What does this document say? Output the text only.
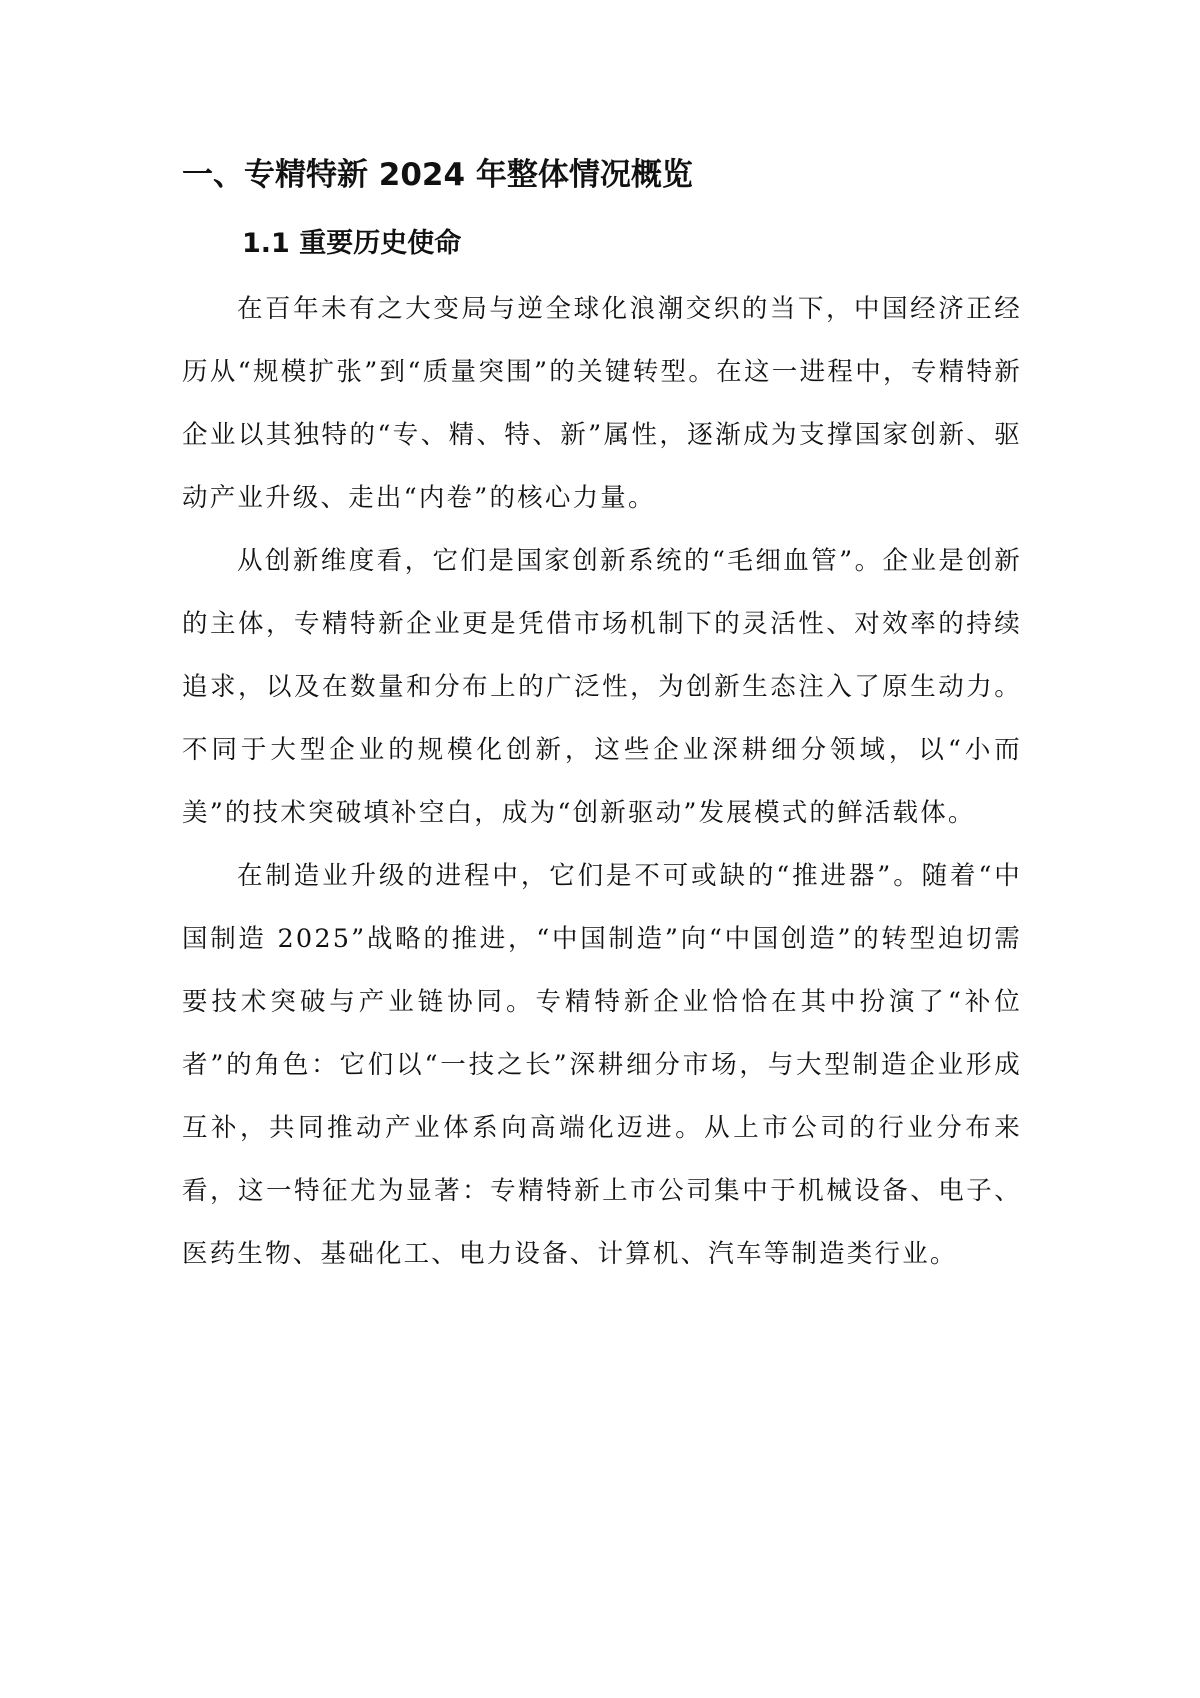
一、专精特新 2024 年整体情况概览
1.1 重要历史使命

在百年未有之大变局与逆全球化浪潮交织的当下，中国经济正经历从“规模扩张”到“质量突围”的关键转型。在这一进程中，专精特新企业以其独特的“专、精、特、新”属性，逐渐成为支撑国家创新、驱动产业升级、走出“内卷”的核心力量。

从创新维度看，它们是国家创新系统的“毛细血管”。企业是创新的主体，专精特新企业更是凭借市场机制下的灵活性、对效率的持续追求，以及在数量和分布上的广泛性，为创新生态注入了原生动力。不同于大型企业的规模化创新，这些企业深耕细分领域，以“小而美”的技术突破填补空白，成为“创新驱动”发展模式的鲜活载体。

在制造业升级的进程中，它们是不可或缺的“推进器”。随着“中国制造 2025”战略的推进，“中国制造”向“中国创造”的转型迫切需要技术突破与产业链协同。专精特新企业恰恰在其中扮演了“补位者”的角色：它们以“一技之长”深耕细分市场，与大型制造企业形成互补，共同推动产业体系向高端化迈进。从上市公司的行业分布来看，这一特征尤为显著：专精特新上市公司集中于机械设备、电子、医药生物、基础化工、电力设备、计算机、汽车等制造类行业。
